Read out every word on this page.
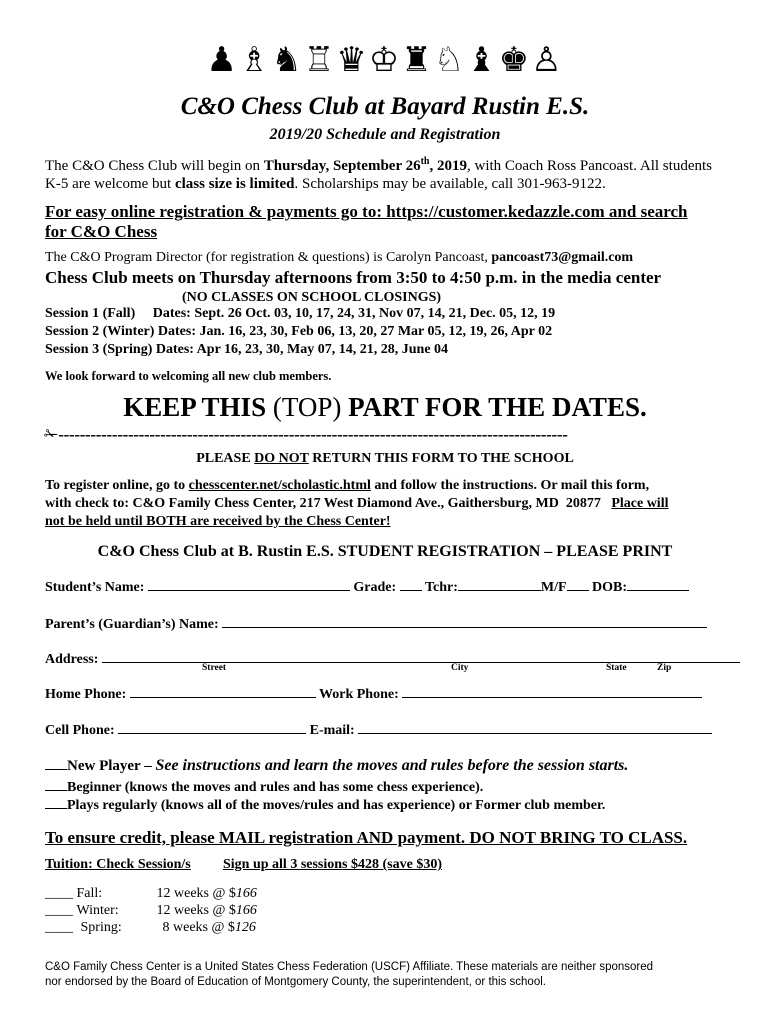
♟♗♞♖♛♔♜♘♝♚♙
C&O Chess Club at Bayard Rustin E.S.
2019/20 Schedule and Registration
The C&O Chess Club will begin on Thursday, September 26th, 2019, with Coach Ross Pancoast. All students
K-5 are welcome but class size is limited. Scholarships may be available, call 301-963-9122.
For easy online registration & payments go to: https://customer.kedazzle.com and search
for C&O Chess
The C&O Program Director (for registration & questions) is Carolyn Pancoast, pancoast73@gmail.com
Chess Club meets on Thursday afternoons from 3:50 to 4:50 p.m. in the media center
(NO CLASSES ON SCHOOL CLOSINGS)
Session 1 (Fall)     Dates: Sept. 26 Oct. 03, 10, 17, 24, 31, Nov 07, 14, 21, Dec. 05, 12, 19
Session 2 (Winter) Dates: Jan. 16, 23, 30, Feb 06, 13, 20, 27 Mar 05, 12, 19, 26, Apr 02
Session 3 (Spring) Dates: Apr 16, 23, 30, May 07, 14, 21, 28, June 04
We look forward to welcoming all new club members.
KEEP THIS (TOP) PART FOR THE DATES.
✁-----------------------------------------------------------------------------------------------
PLEASE DO NOT RETURN THIS FORM TO THE SCHOOL
To register online, go to chesscenter.net/scholastic.html and follow the instructions. Or mail this form,
with check to: C&O Family Chess Center, 217 West Diamond Ave., Gaithersburg, MD  20877   Place will
not be held until BOTH are received by the Chess Center!
C&O Chess Club at B. Rustin E.S. STUDENT REGISTRATION – PLEASE PRINT
Student’s Name:	Grade: Tchr:	M/F DOB:
Parent’s (Guardian’s) Name:
Address:
Street	City	State	Zip
Home Phone:	Work Phone:
Cell Phone:	E-mail:
New Player – See instructions and learn the moves and rules before the session starts.
Beginner (knows the moves and rules and has some chess experience).
Plays regularly (knows all of the moves/rules and has experience) or Former club member.
To ensure credit, please MAIL registration AND payment. DO NOT BRING TO CLASS.
Tuition: Check Session/s Sign up all 3 sessions $428 (save $30)
____ Fall:	12 weeks @ $166
____ Winter:	12 weeks @ $166
____ Spring:	8 weeks @ $126
C&O Family Chess Center is a United States Chess Federation (USCF) Affiliate. These materials are neither sponsored
nor endorsed by the Board of Education of Montgomery County, the superintendent, or this school.
